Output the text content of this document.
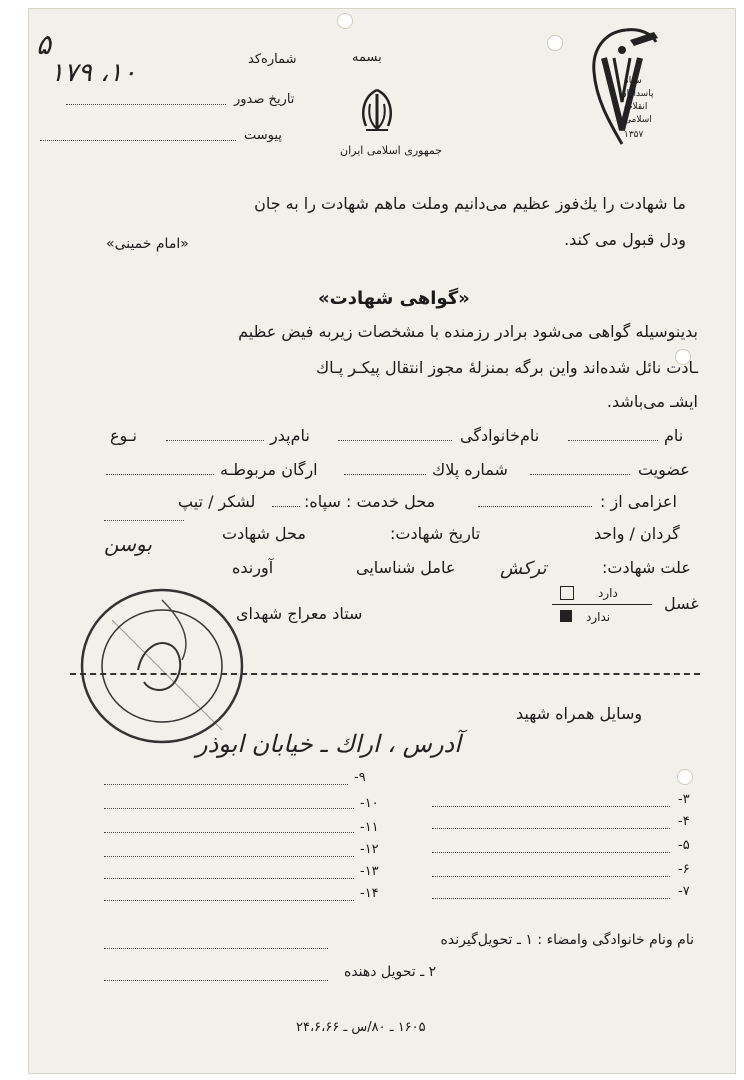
۵	شماره‌کد
۱۷۹ ،۱۰
تاریخ صدور
پیوست
بسمه
جمهوری اسلامی ایران
سپاه
پاسداران
انقلاب
اسلامی
۱۳۵۷
ما شهادت را یك‌فوز عظیم می‌دانیم وملت ماهم شهادت را به جان
ودل قبول می کند.
«امام خمینی»
«گواهی شهادت»
بدینوسیله گواهی می‌شود برادر رزمنده با مشخصات زیربه فیض عظیم
ـادت نائل شده‌اند واین برگه بمنزلهٔ مجوز انتقال پیکـر پـاك
ایشـ می‌باشد.
نام
نام‌خانوادگی
نام‌پدر
نـوع
عضویت
شماره پلاك
ارگان مربوطـه
اعزامی از :
محل خدمت : سپاه:
لشکر / تیپ
گردان / واحد
تاریخ شهادت:
محل شهادت
بوسن
علت شهادت:
ترکش
عامل شناسایی
آورنده
غسل
دارد
ندارد
ستاد معراج شهدای
وسایل همراه شهید
آدرس ، اراك ـ خیابان ابوذر
-۳
-۴
-۵
-۶
-۷
-۹
-۱۰
-۱۱
-۱۲
-۱۳
-۱۴
نام ونام خانوادگی وامضاء : ۱ ـ تحویل‌گیرنده
۲ ـ تحویل دهنده
۱۶۰۵ ـ ۸۰/س ـ ۲۴،۶،۶۶
